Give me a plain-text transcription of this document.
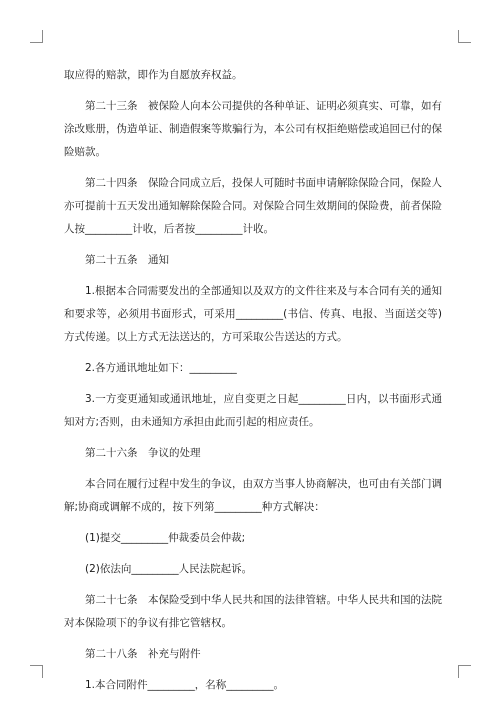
取应得的赔款，即作为自愿放弃权益。

第二十三条　被保险人向本公司提供的各种单证、证明必须真实、可靠，如有涂改账册，伪造单证、制造假案等欺骗行为，本公司有权拒绝赔偿或追回已付的保险赔款。

第二十四条　保险合同成立后，投保人可随时书面申请解除保险合同，保险人亦可提前十五天发出通知解除保险合同。对保险合同生效期间的保险费，前者保险人按_________计收，后者按_________计收。

第二十五条　通知

1.根据本合同需要发出的全部通知以及双方的文件往来及与本合同有关的通知和要求等，必须用书面形式，可采用_________(书信、传真、电报、当面送交等)方式传递。以上方式无法送达的，方可采取公告送达的方式。

2.各方通讯地址如下：_________

3.一方变更通知或通讯地址，应自变更之日起_________日内，以书面形式通知对方;否则，由未通知方承担由此而引起的相应责任。

第二十六条　争议的处理

本合同在履行过程中发生的争议，由双方当事人协商解决，也可由有关部门调解;协商或调解不成的，按下列第_________种方式解决：

(1)提交_________仲裁委员会仲裁;

(2)依法向_________人民法院起诉。

第二十七条　本保险受到中华人民共和国的法律管辖。中华人民共和国的法院对本保险项下的争议有排它管辖权。

第二十八条　补充与附件

1.本合同附件_________，名称_________。
